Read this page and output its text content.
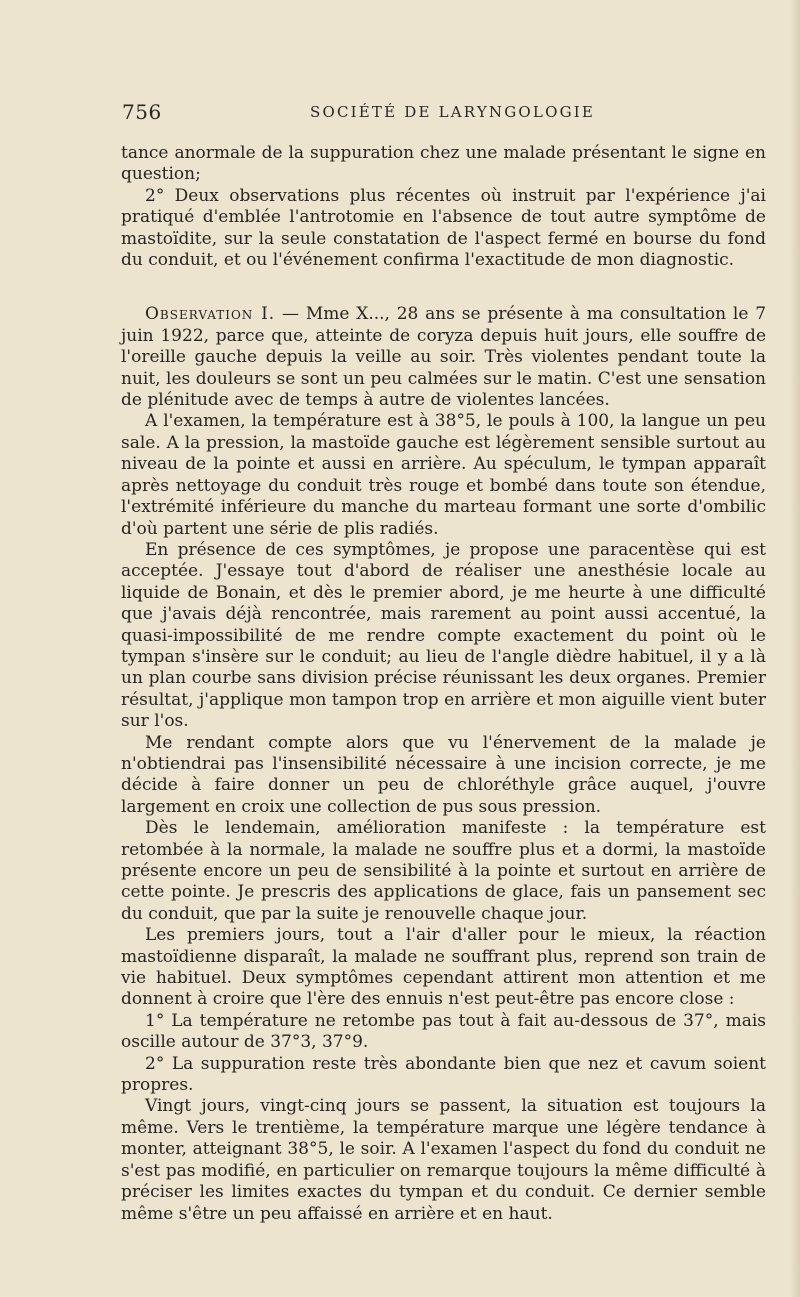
756	SOCIÉTÉ DE LARYNGOLOGIE

tance anormale de la suppuration chez une malade présentant le signe en question;

2° Deux observations plus récentes où instruit par l'expérience j'ai pratiqué d'emblée l'antrotomie en l'absence de tout autre symptôme de mastoïdite, sur la seule constatation de l'aspect fermé en bourse du fond du conduit, et ou l'événement confirma l'exactitude de mon diagnostic.

Observation I. — Mme X..., 28 ans se présente à ma consultation le 7 juin 1922, parce que, atteinte de coryza depuis huit jours, elle souffre de l'oreille gauche depuis la veille au soir. Très violentes pendant toute la nuit, les douleurs se sont un peu calmées sur le matin. C'est une sensation de plénitude avec de temps à autre de violentes lancées.

A l'examen, la température est à 38°5, le pouls à 100, la langue un peu sale. A la pression, la mastoïde gauche est légèrement sensible surtout au niveau de la pointe et aussi en arrière. Au spéculum, le tympan apparaît après nettoyage du conduit très rouge et bombé dans toute son étendue, l'extrémité inférieure du manche du marteau formant une sorte d'ombilic d'où partent une série de plis radiés.

En présence de ces symptômes, je propose une paracentèse qui est acceptée. J'essaye tout d'abord de réaliser une anesthésie locale au liquide de Bonain, et dès le premier abord, je me heurte à une difficulté que j'avais déjà rencontrée, mais rarement au point aussi accentué, la quasi-impossibilité de me rendre compte exactement du point où le tympan s'insère sur le conduit; au lieu de l'angle dièdre habituel, il y a là un plan courbe sans division précise réunissant les deux organes. Premier résultat, j'applique mon tampon trop en arrière et mon aiguille vient buter sur l'os.

Me rendant compte alors que vu l'énervement de la malade je n'obtiendrai pas l'insensibilité nécessaire à une incision correcte, je me décide à faire donner un peu de chloréthyle grâce auquel, j'ouvre largement en croix une collection de pus sous pression.

Dès le lendemain, amélioration manifeste : la température est retombée à la normale, la malade ne souffre plus et a dormi, la mastoïde présente encore un peu de sensibilité à la pointe et surtout en arrière de cette pointe. Je prescris des applications de glace, fais un pansement sec du conduit, que par la suite je renouvelle chaque jour.

Les premiers jours, tout a l'air d'aller pour le mieux, la réaction mastoïdienne disparaît, la malade ne souffrant plus, reprend son train de vie habituel. Deux symptômes cependant attirent mon attention et me donnent à croire que l'ère des ennuis n'est peut-être pas encore close :

1° La température ne retombe pas tout à fait au-dessous de 37°, mais oscille autour de 37°3, 37°9.

2° La suppuration reste très abondante bien que nez et cavum soient propres.

Vingt jours, vingt-cinq jours se passent, la situation est toujours la même. Vers le trentième, la température marque une légère tendance à monter, atteignant 38°5, le soir. A l'examen l'aspect du fond du conduit ne s'est pas modifié, en particulier on remarque toujours la même difficulté à préciser les limites exactes du tympan et du conduit. Ce dernier semble même s'être un peu affaissé en arrière et en haut.
